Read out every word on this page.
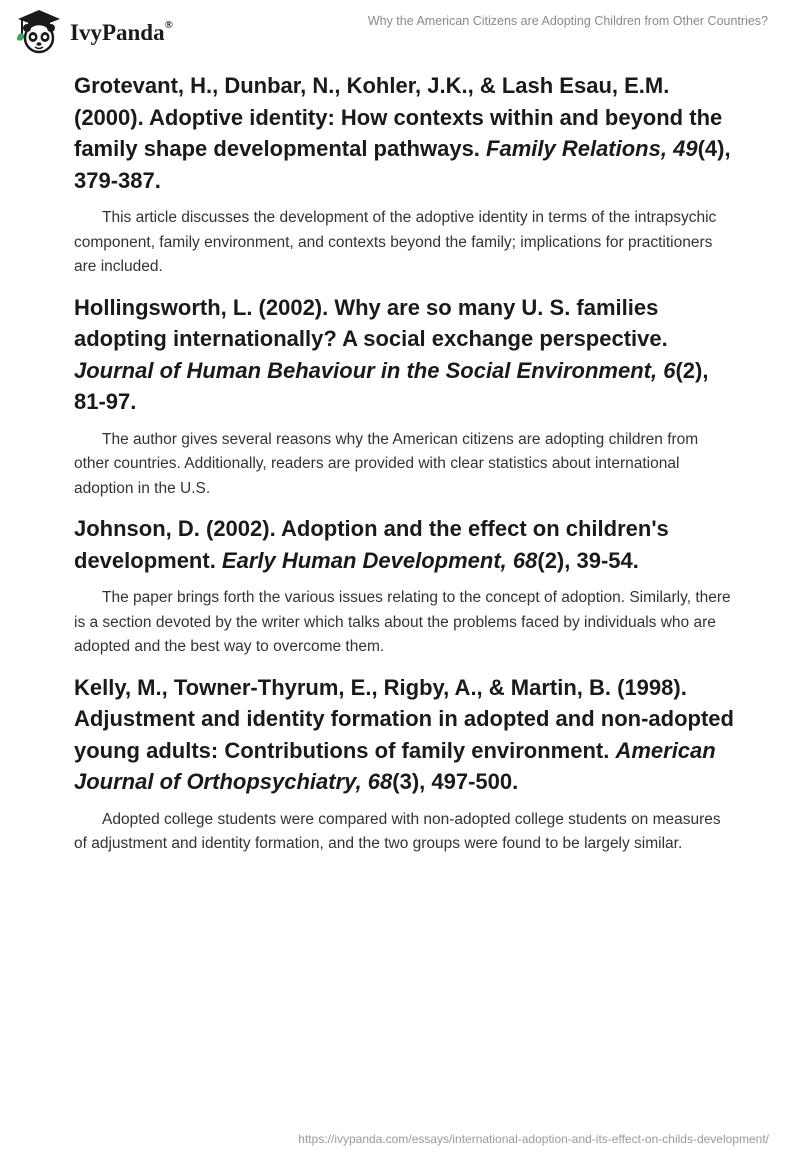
IvyPanda®	Why the American Citizens are Adopting Children from Other Countries?

Grotevant, H., Dunbar, N., Kohler, J.K., & Lash Esau, E.M. (2000). Adoptive identity: How contexts within and beyond the family shape developmental pathways. Family Relations, 49(4), 379-387.

This article discusses the development of the adoptive identity in terms of the intrapsychic component, family environment, and contexts beyond the family; implications for practitioners are included.

Hollingsworth, L. (2002). Why are so many U. S. families adopting internationally? A social exchange perspective. Journal of Human Behaviour in the Social Environment, 6(2), 81-97.

The author gives several reasons why the American citizens are adopting children from other countries. Additionally, readers are provided with clear statistics about international adoption in the U.S.

Johnson, D. (2002). Adoption and the effect on children's development. Early Human Development, 68(2), 39-54.

The paper brings forth the various issues relating to the concept of adoption. Similarly, there is a section devoted by the writer which talks about the problems faced by individuals who are adopted and the best way to overcome them.

Kelly, M., Towner-Thyrum, E., Rigby, A., & Martin, B. (1998). Adjustment and identity formation in adopted and non-adopted young adults: Contributions of family environment. American Journal of Orthopsychiatry, 68(3), 497-500.

Adopted college students were compared with non-adopted college students on measures of adjustment and identity formation, and the two groups were found to be largely similar.

https://ivypanda.com/essays/international-adoption-and-its-effect-on-childs-development/
